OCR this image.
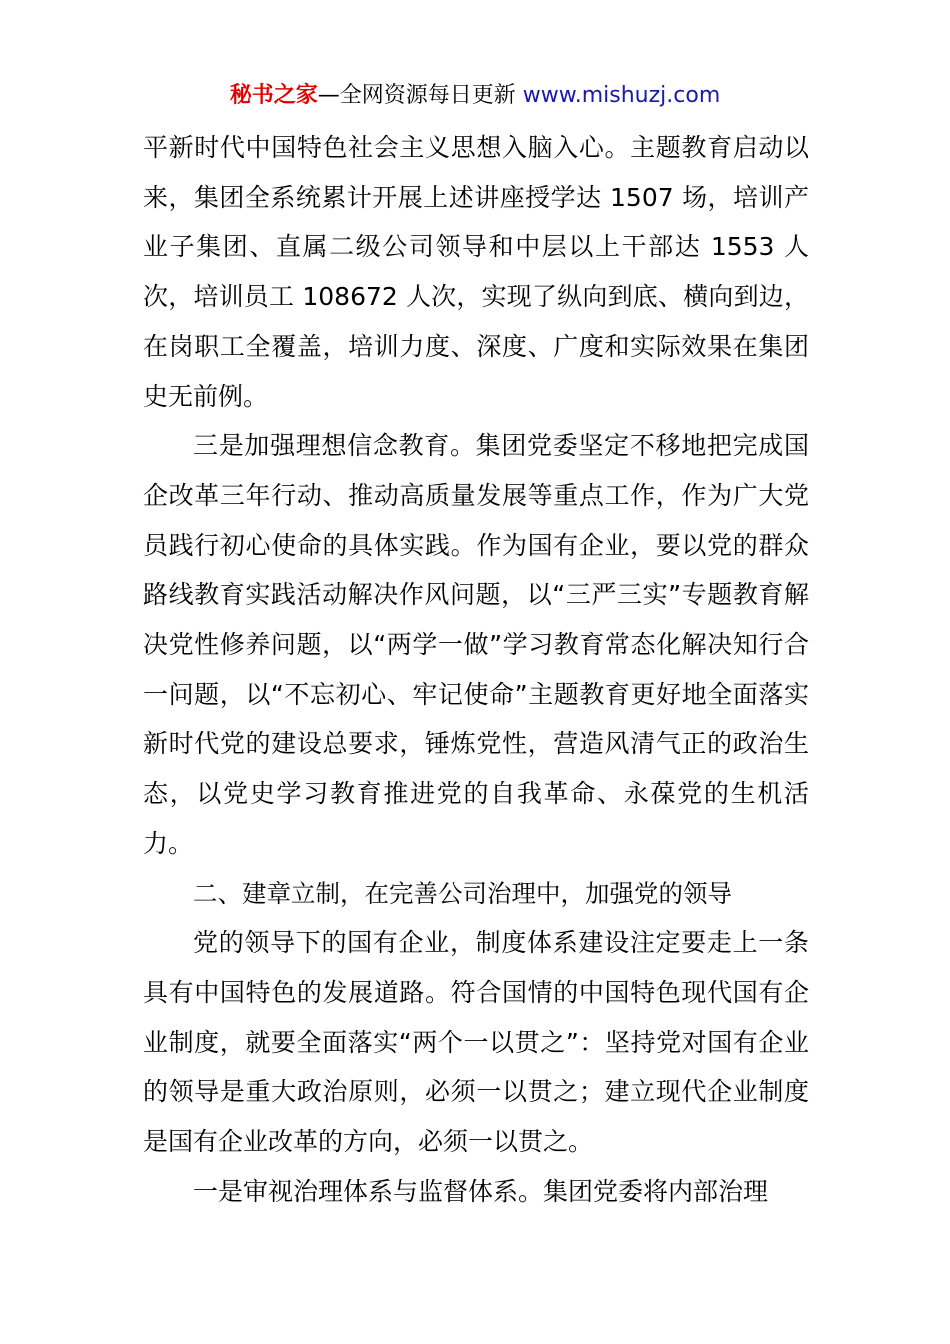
秘书之家—全网资源每日更新 www.mishuzj.com

平新时代中国特色社会主义思想入脑入心。主题教育启动以来，集团全系统累计开展上述讲座授学达 1507 场，培训产业子集团、直属二级公司领导和中层以上干部达 1553 人次，培训员工 108672 人次，实现了纵向到底、横向到边，在岗职工全覆盖，培训力度、深度、广度和实际效果在集团史无前例。

三是加强理想信念教育。集团党委坚定不移地把完成国企改革三年行动、推动高质量发展等重点工作，作为广大党员践行初心使命的具体实践。作为国有企业，要以党的群众路线教育实践活动解决作风问题，以“三严三实”专题教育解决党性修养问题，以“两学一做”学习教育常态化解决知行合一问题，以“不忘初心、牢记使命”主题教育更好地全面落实新时代党的建设总要求，锤炼党性，营造风清气正的政治生态，以党史学习教育推进党的自我革命、永葆党的生机活力。

二、建章立制，在完善公司治理中，加强党的领导

党的领导下的国有企业，制度体系建设注定要走上一条具有中国特色的发展道路。符合国情的中国特色现代国有企业制度，就要全面落实“两个一以贯之”：坚持党对国有企业的领导是重大政治原则，必须一以贯之；建立现代企业制度是国有企业改革的方向，必须一以贯之。

一是审视治理体系与监督体系。集团党委将内部治理
